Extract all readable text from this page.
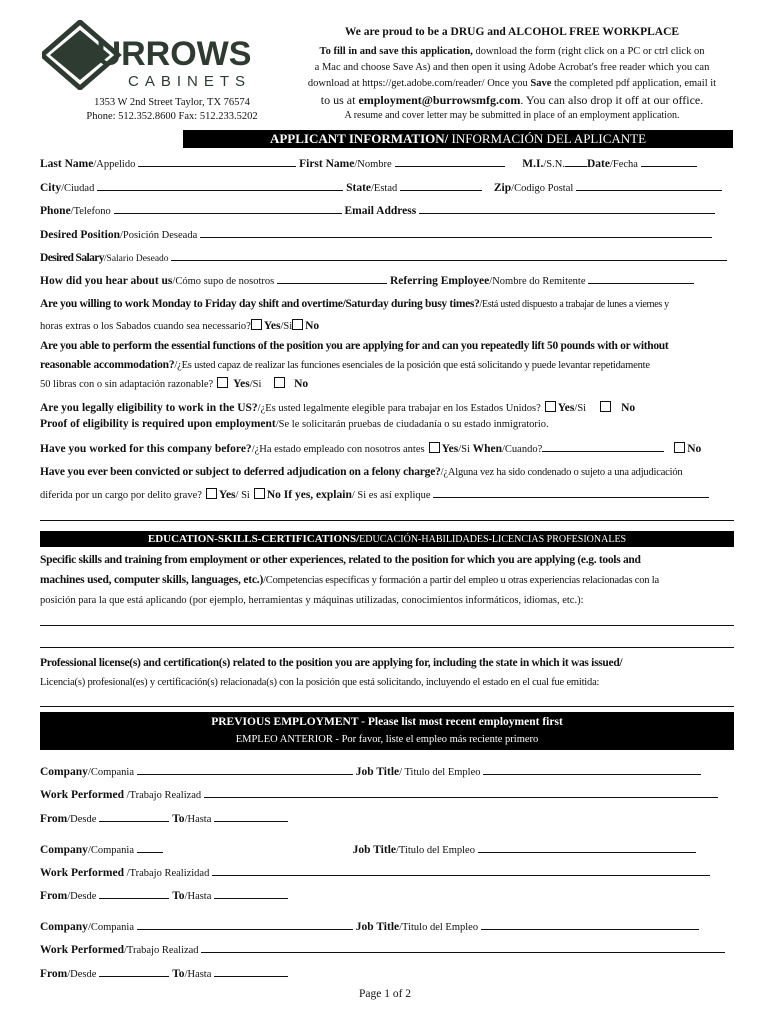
BURROWS
CABINETS
1353 W 2nd Street Taylor, TX 76574
Phone: 512.352.8600 Fax: 512.233.5202
We are proud to be a DRUG and ALCOHOL FREE WORKPLACE
To fill in and save this application, download the form (right click on a PC or ctrl click on
a Mac and choose Save As) and then open it using Adobe Acrobat's free reader which you can
download at https://get.adobe.com/reader/ Once you Save the completed pdf application, email it
to us at employment@burrowsmfg.com. You can also drop it off at our office.
A resume and cover letter may be submitted in place of an employment application.
APPLICANT INFORMATION/ INFORMACIÓN DEL APLICANTE
Last Name/Appelido	First Name/Nombre	M.I./S.N. Date/Fecha
City/Ciudad	State/Estad	Zip/Codigo Postal
Phone/Telefono	Email Address
Desired Position/Posición Deseada
Desired Salary/Salario Deseado
How did you hear about us/Cómo supo de nosotros	Referring Employee/Nombre do Remitente
Are you willing to work Monday to Friday day shift and overtime/Saturday during busy times?/Está usted dispuesto a trabajar de lunes a viernes y
horas extras o los Sabados cuando sea necessario? Yes/Si No
Are you able to perform the essential functions of the position you are applying for and can you repeatedly lift 50 pounds with or without
reasonable accommodation?/¿Es usted capaz de realizar las funciones esenciales de la posición que está solicitando y puede levantar repetidamente
50 libras con o sin adaptación razonable? Yes/Si	No
Are you legally eligibility to work in the US?/¿Es usted legalmente elegible para trabajar en los Estados Unidos? Yes/Si	No
Proof of eligibility is required upon employment/Se le solicitarán pruebas de ciudadanía o su estado inmigratorio.
Have you worked for this company before?/¿Ha estado empleado con nosotros antes Yes/Si When/Cuando?	No
Have you ever been convicted or subject to deferred adjudication on a felony charge?/¿Alguna vez ha sido condenado o sujeto a una adjudicación
diferida por un cargo por delito grave? Yes/ Si No If yes, explain/ Si es así explique
EDUCATION-SKILLS-CERTIFICATIONS/EDUCACIÓN-HABILIDADES-LICENCIAS PROFESIONALES
Specific skills and training from employment or other experiences, related to the position for which you are applying (e.g. tools and
machines used, computer skills, languages, etc.)/Competencias específicas y formación a partir del empleo u otras experiencias relacionadas con la
posición para la que está aplicando (por ejemplo, herramientas y máquinas utilizadas, conocimientos informáticos, idiomas, etc.):
Professional license(s) and certification(s) related to the position you are applying for, including the state in which it was issued/
Licencia(s) profesional(es) y certificación(s) relacionada(s) con la posición que está solicitando, incluyendo el estado en el cual fue emitida:
PREVIOUS EMPLOYMENT - Please list most recent employment first
EMPLEO ANTERIOR - Por favor, liste el empleo más reciente primero
Company/Compania	Job Title/ Titulo del Empleo
Work Performed /Trabajo Realizad
From/Desde	To/Hasta
Company/Compania	Job Title/Titulo del Empleo
Work Performed /Trabajo Realizidad
From/Desde	To/Hasta
Company/Compania	Job Title/Titulo del Empleo
Work Performed/Trabajo Realizad
From/Desde	To/Hasta
Page 1 of 2
